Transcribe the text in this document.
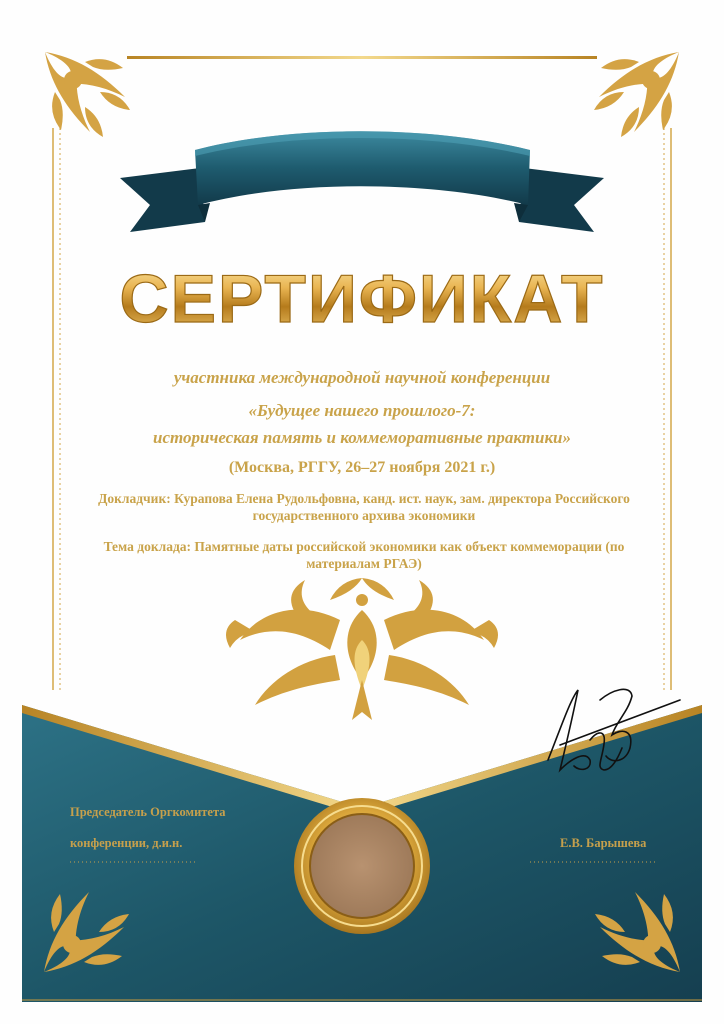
СЕРТИФИКАТ
участника международной научной конференции
«Будущее нашего прошлого-7:
историческая память и коммеморативные практики»
(Москва, РГГУ, 26–27 ноября 2021 г.)
Докладчик: Курапова Елена Рудольфовна, канд. ист. наук, зам. директора Российского
государственного архива экономики
Тема доклада: Памятные даты российской экономики как объект коммеморации (по
материалам РГАЭ)
Председатель Оргкомитета
конференции, д.и.н.	Е.В. Барышева
